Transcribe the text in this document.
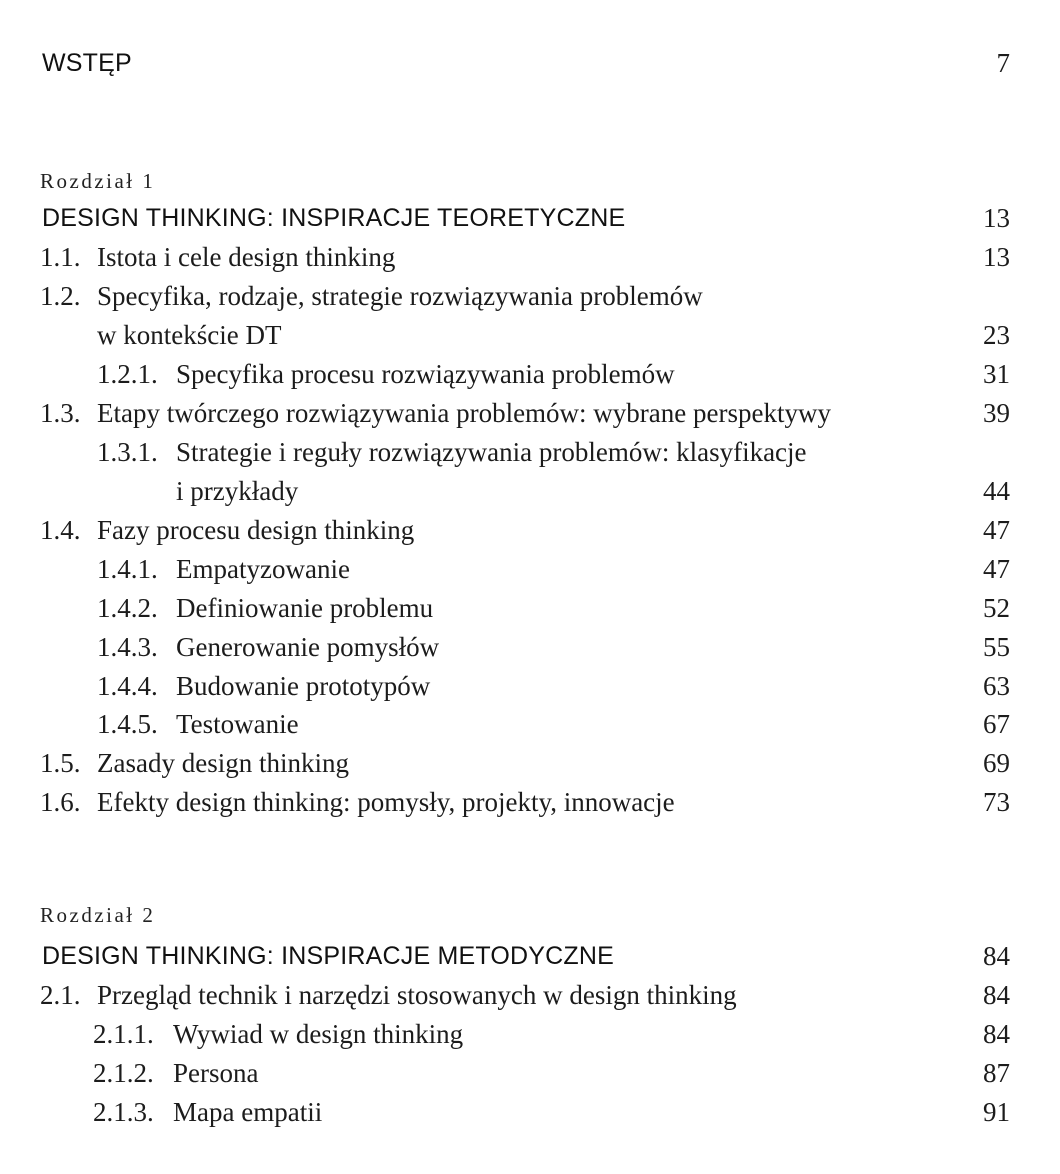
WSTĘP	7
Rozdział 1
DESIGN THINKING: INSPIRACJE TEORETYCZNE	13
1.1. Istota i cele design thinking	13
1.2. Specyfika, rodzaje, strategie rozwiązywania problemów
w kontekście DT	23
1.2.1. Specyfika procesu rozwiązywania problemów	31
1.3. Etapy twórczego rozwiązywania problemów: wybrane perspektywy	39
1.3.1. Strategie i reguły rozwiązywania problemów: klasyfikacje
i przykłady	44
1.4. Fazy procesu design thinking	47
1.4.1. Empatyzowanie	47
1.4.2. Definiowanie problemu	52
1.4.3. Generowanie pomysłów	55
1.4.4. Budowanie prototypów	63
1.4.5. Testowanie	67
1.5. Zasady design thinking	69
1.6. Efekty design thinking: pomysły, projekty, innowacje	73
Rozdział 2
DESIGN THINKING: INSPIRACJE METODYCZNE	84
2.1. Przegląd technik i narzędzi stosowanych w design thinking	84
2.1.1. Wywiad w design thinking	84
2.1.2. Persona	87
2.1.3. Mapa empatii	91
